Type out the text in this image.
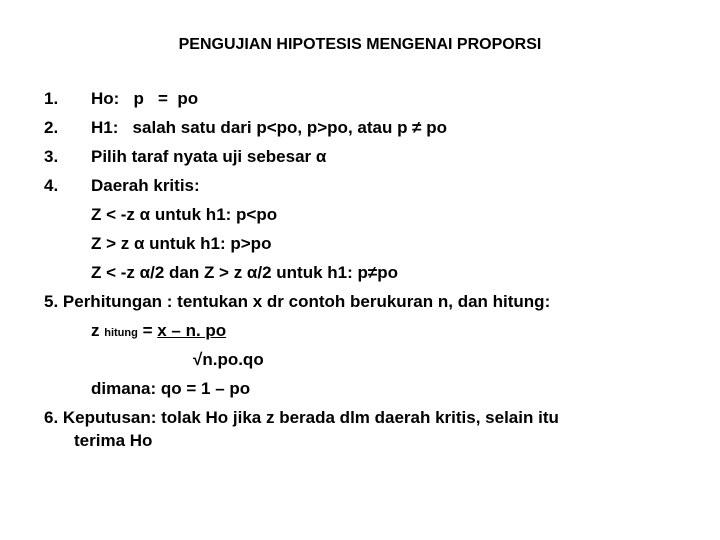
PENGUJIAN HIPOTESIS MENGENAI PROPORSI
1. Ho:   p   =  po
2. H1:   salah satu dari p<po, p>po, atau p ≠ po
3. Pilih taraf nyata uji sebesar α
4. Daerah kritis:
Z < -z α untuk h1: p<po
Z > z α untuk h1: p>po
Z < -z α/2 dan Z > z α/2 untuk h1: p≠po
5. Perhitungan : tentukan x dr contoh berukuran n, dan hitung:
z hitung = x – n. po
√n.po.qo
dimana: qo = 1 – po
6. Keputusan: tolak Ho jika z berada dlm daerah kritis, selain itu
terima Ho
